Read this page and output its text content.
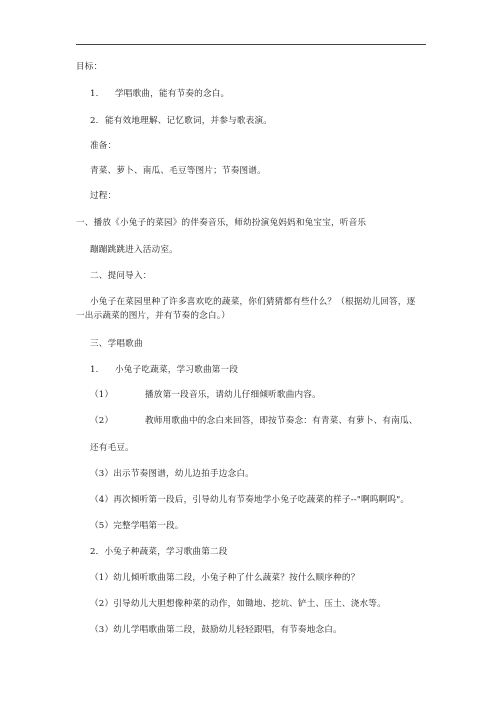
目标：
1. 学唱歌曲，能有节奏的念白。
2. 能有效地理解、记忆歌词，并参与歌表演。
准备：
青菜、萝卜、南瓜、毛豆等图片；节奏图谱。
过程：
一、播放《小兔子的菜园》的伴奏音乐，师幼扮演兔妈妈和兔宝宝，听音乐
蹦蹦跳跳进入活动室。
二、提问导入：
小兔子在菜园里种了许多喜欢吃的蔬菜，你们猜猜都有些什么？（根据幼儿回答，逐一出示蔬菜的图片，并有节奏的念白。）
三、学唱歌曲
1. 小兔子吃蔬菜，学习歌曲第一段
（1）	播放第一段音乐，请幼儿仔细倾听歌曲内容。
（2）	教师用歌曲中的念白来回答，即按节奏念：有青菜、有萝卜、有南瓜、
还有毛豆。
（3）出示节奏图谱，幼儿边拍手边念白。
（4）再次倾听第一段后，引导幼儿有节奏地学小兔子吃蔬菜的样子--"啊呜啊呜"。
（5）完整学唱第一段。
2．小兔子种蔬菜，学习歌曲第二段
（1）幼儿倾听歌曲第二段，小兔子种了什么蔬菜？按什么顺序种的？
（2）引导幼儿大胆想像种菜的动作，如锄地、挖坑、铲土、压土、浇水等。
（3）幼儿学唱歌曲第二段，鼓励幼儿轻轻跟唱，有节奏地念白。
